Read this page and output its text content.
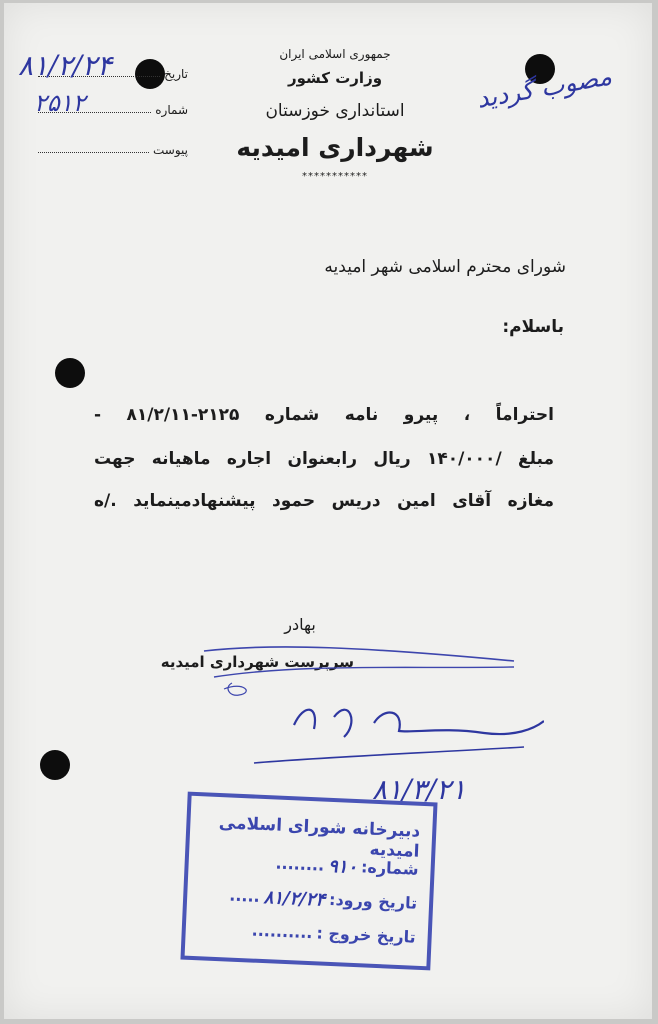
جمهوری اسلامی ایران
وزارت کشور
استانداری خوزستان
شهرداری امیدیه
***********
تاریخ
شماره
پیوست
۸۱/۲/۲۴
۲۵۱۲	مصوب گردید
شورای محترم اسلامی شهر امیدیه
باسلام:
احتراماً ، پیرو نامه شماره ۲۱۲۵-۸۱/۲/۱۱ -
مبلغ /۱۴۰/۰۰۰ ریال رابعنوان اجاره ماهیانه جهت
مغازه آقای امین دریس حمود پیشنهادمینماید ./ه
بهادر
سرپرست شهرداری امیدیه
۸۱/۳/۲۱
دبیرخانه شورای اسلامی امیدیه
شماره:
۹۱۰
........
تاریخ ورود:
۸۱/۲/۲۴
.....
تاریخ خروج :
..........
